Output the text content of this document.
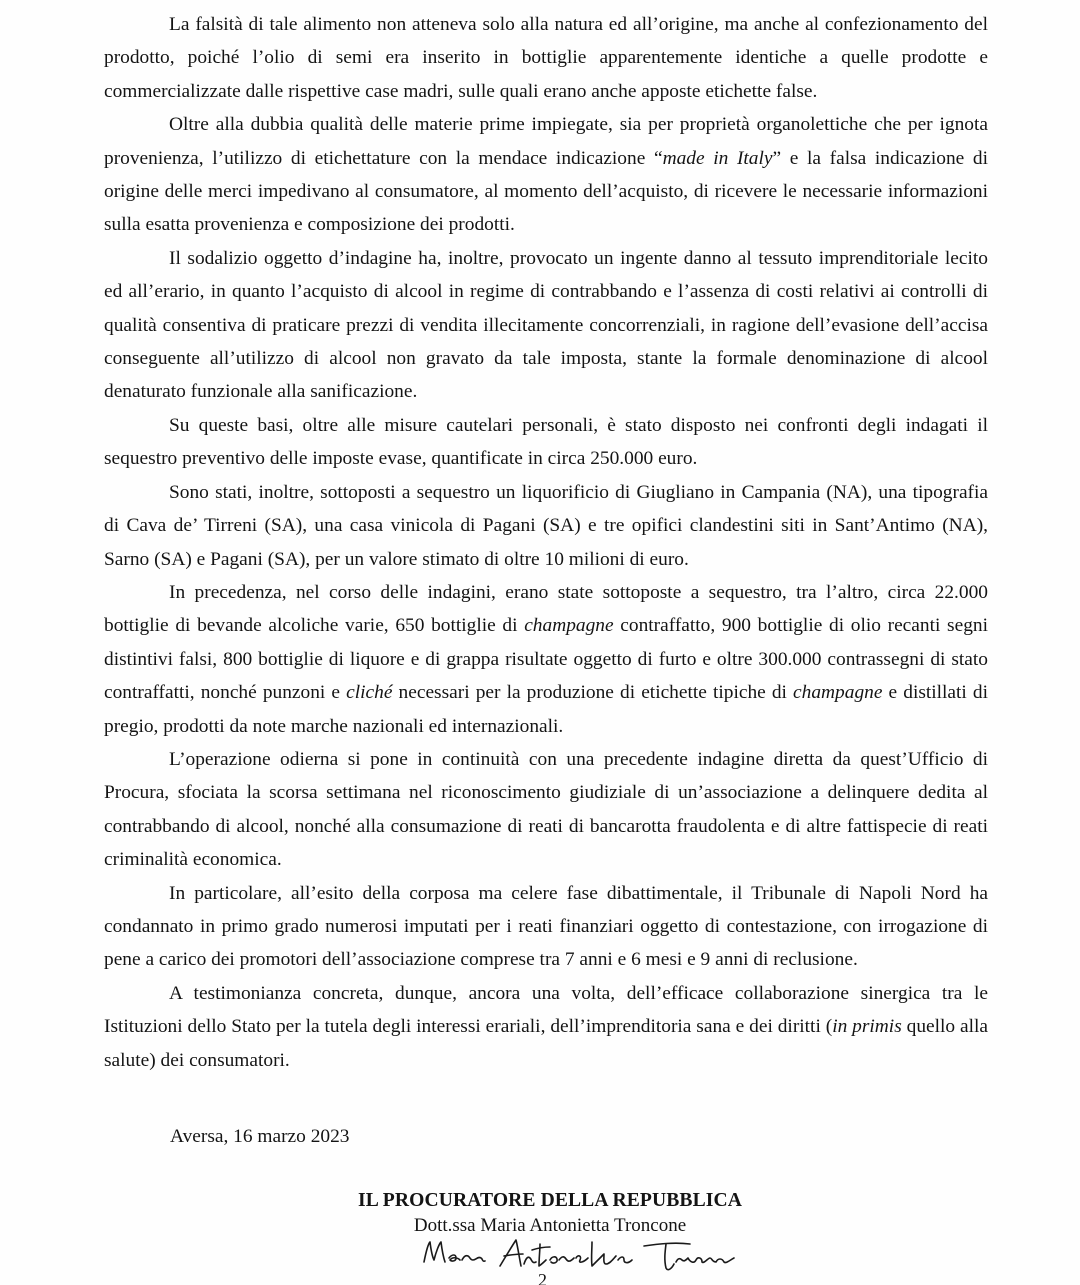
La falsità di tale alimento non atteneva solo alla natura ed all’origine, ma anche al confezionamento del prodotto, poiché l’olio di semi era inserito in bottiglie apparentemente identiche a quelle prodotte e commercializzate dalle rispettive case madri, sulle quali erano anche apposte etichette false.

Oltre alla dubbia qualità delle materie prime impiegate, sia per proprietà organolettiche che per ignota provenienza, l’utilizzo di etichettature con la mendace indicazione “made in Italy” e la falsa indicazione di origine delle merci impedivano al consumatore, al momento dell’acquisto, di ricevere le necessarie informazioni sulla esatta provenienza e composizione dei prodotti.

Il sodalizio oggetto d’indagine ha, inoltre, provocato un ingente danno al tessuto imprenditoriale lecito ed all’erario, in quanto l’acquisto di alcool in regime di contrabbando e l’assenza di costi relativi ai controlli di qualità consentiva di praticare prezzi di vendita illecitamente concorrenziali, in ragione dell’evasione dell’accisa conseguente all’utilizzo di alcool non gravato da tale imposta, stante la formale denominazione di alcool denaturato funzionale alla sanificazione.

Su queste basi, oltre alle misure cautelari personali, è stato disposto nei confronti degli indagati il sequestro preventivo delle imposte evase, quantificate in circa 250.000 euro.

Sono stati, inoltre, sottoposti a sequestro un liquorificio di Giugliano in Campania (NA), una tipografia di Cava de’ Tirreni (SA), una casa vinicola di Pagani (SA) e tre opifici clandestini siti in Sant’Antimo (NA), Sarno (SA) e Pagani (SA), per un valore stimato di oltre 10 milioni di euro.

In precedenza, nel corso delle indagini, erano state sottoposte a sequestro, tra l’altro, circa 22.000 bottiglie di bevande alcoliche varie, 650 bottiglie di champagne contraffatto, 900 bottiglie di olio recanti segni distintivi falsi, 800 bottiglie di liquore e di grappa risultate oggetto di furto e oltre 300.000 contrassegni di stato contraffatti, nonché punzoni e cliché necessari per la produzione di etichette tipiche di champagne e distillati di pregio, prodotti da note marche nazionali ed internazionali.

L’operazione odierna si pone in continuità con una precedente indagine diretta da quest’Ufficio di Procura, sfociata la scorsa settimana nel riconoscimento giudiziale di un’associazione a delinquere dedita al contrabbando di alcool, nonché alla consumazione di reati di bancarotta fraudolenta e di altre fattispecie di reati criminalità economica.

In particolare, all’esito della corposa ma celere fase dibattimentale, il Tribunale di Napoli Nord ha condannato in primo grado numerosi imputati per i reati finanziari oggetto di contestazione, con irrogazione di pene a carico dei promotori dell’associazione comprese tra 7 anni e 6 mesi e 9 anni di reclusione.

A testimonianza concreta, dunque, ancora una volta, dell’efficace collaborazione sinergica tra le Istituzioni dello Stato per la tutela degli interessi erariali, dell’imprenditoria sana e dei diritti (in primis quello alla salute) dei consumatori.

Aversa, 16 marzo 2023
IL PROCURATORE DELLA REPUBBLICA
Dott.ssa Maria Antonietta Troncone
Maria Antonietta Troncone
2
